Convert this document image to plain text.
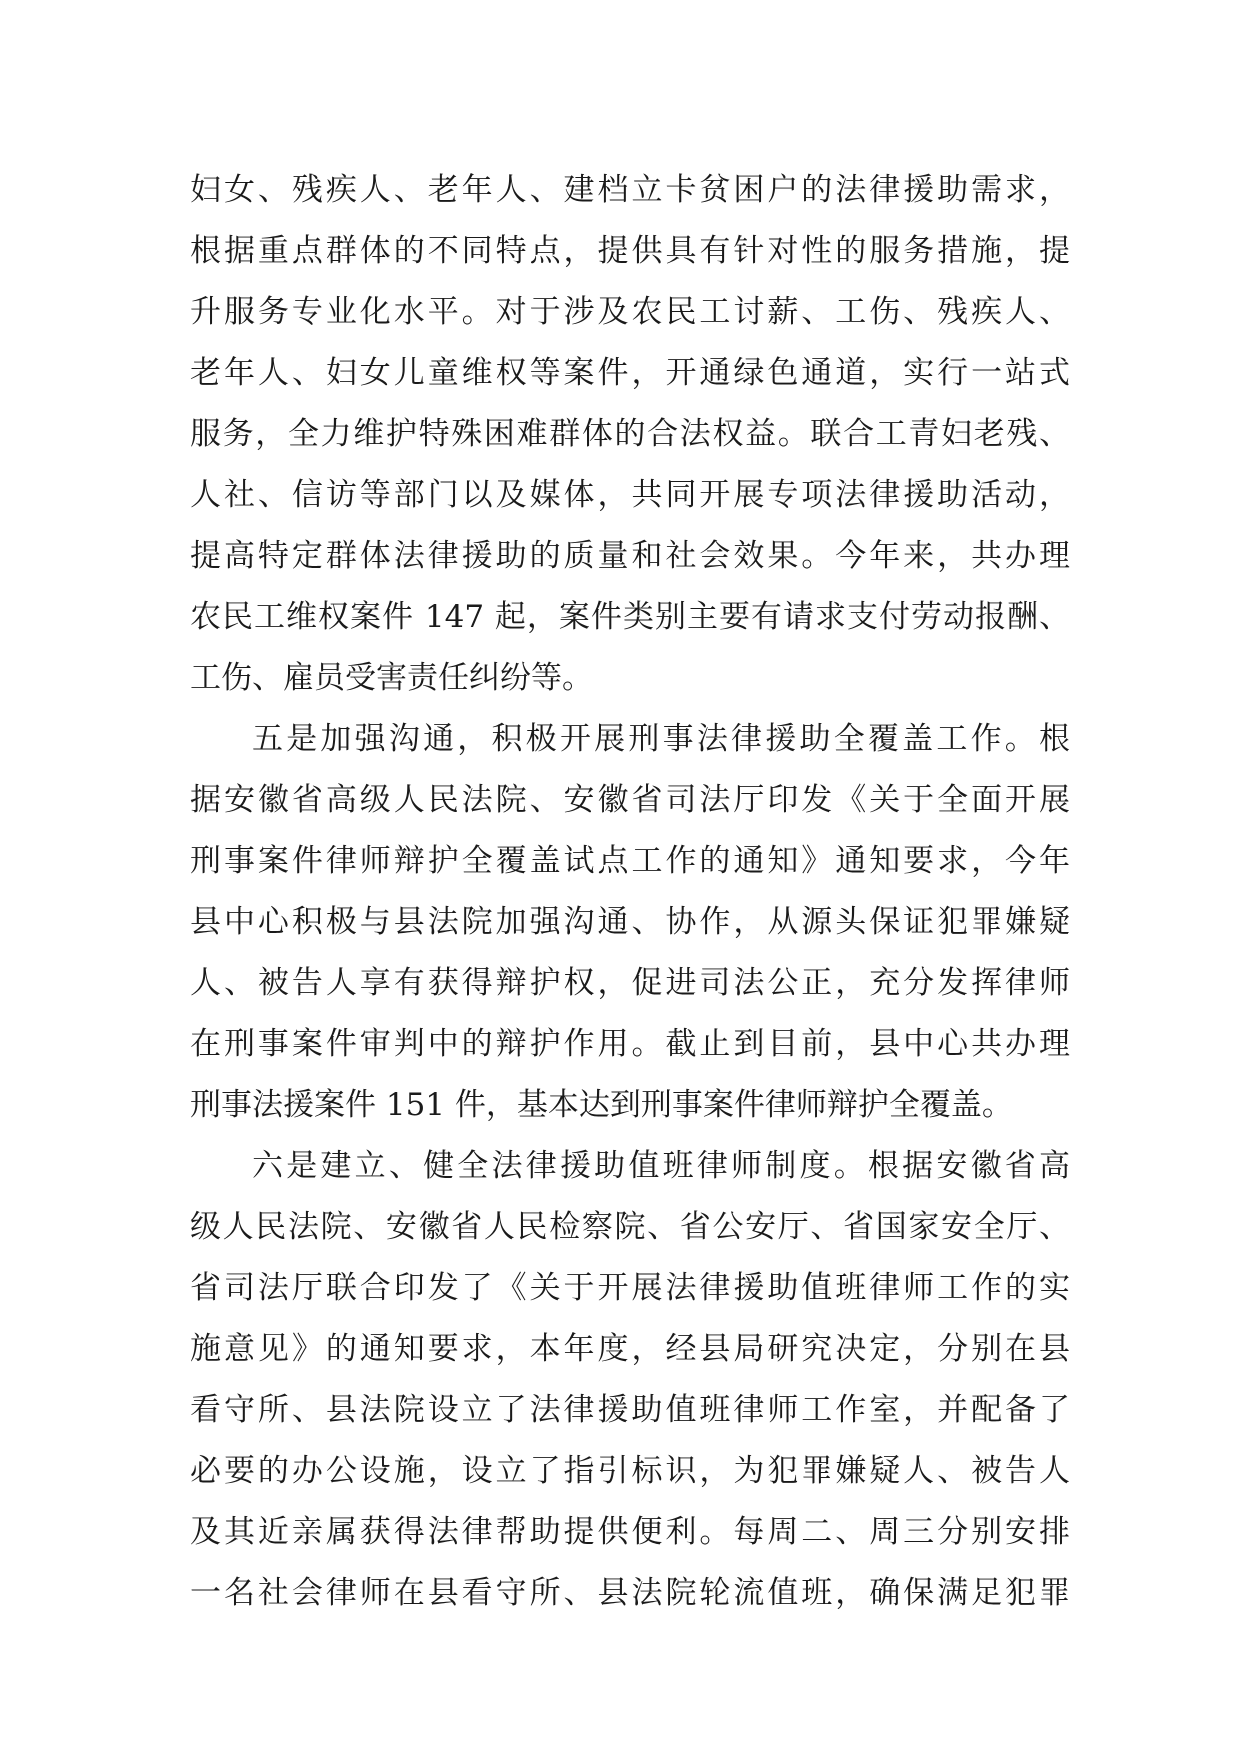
妇女、残疾人、老年人、建档立卡贫困户的法律援助需求，
根据重点群体的不同特点，提供具有针对性的服务措施，提
升服务专业化水平。对于涉及农民工讨薪、工伤、残疾人、
老年人、妇女儿童维权等案件，开通绿色通道，实行一站式
服务，全力维护特殊困难群体的合法权益。联合工青妇老残、
人社、信访等部门以及媒体，共同开展专项法律援助活动，
提高特定群体法律援助的质量和社会效果。今年来，共办理
农民工维权案件 147 起，案件类别主要有请求支付劳动报酬、
工伤、雇员受害责任纠纷等。
五是加强沟通，积极开展刑事法律援助全覆盖工作。根
据安徽省高级人民法院、安徽省司法厅印发《关于全面开展
刑事案件律师辩护全覆盖试点工作的通知》通知要求，今年
县中心积极与县法院加强沟通、协作，从源头保证犯罪嫌疑
人、被告人享有获得辩护权，促进司法公正，充分发挥律师
在刑事案件审判中的辩护作用。截止到目前，县中心共办理
刑事法援案件 151 件，基本达到刑事案件律师辩护全覆盖。
六是建立、健全法律援助值班律师制度。根据安徽省高
级人民法院、安徽省人民检察院、省公安厅、省国家安全厅、
省司法厅联合印发了《关于开展法律援助值班律师工作的实
施意见》的通知要求，本年度，经县局研究决定，分别在县
看守所、县法院设立了法律援助值班律师工作室，并配备了
必要的办公设施，设立了指引标识，为犯罪嫌疑人、被告人
及其近亲属获得法律帮助提供便利。每周二、周三分别安排
一名社会律师在县看守所、县法院轮流值班，确保满足犯罪
